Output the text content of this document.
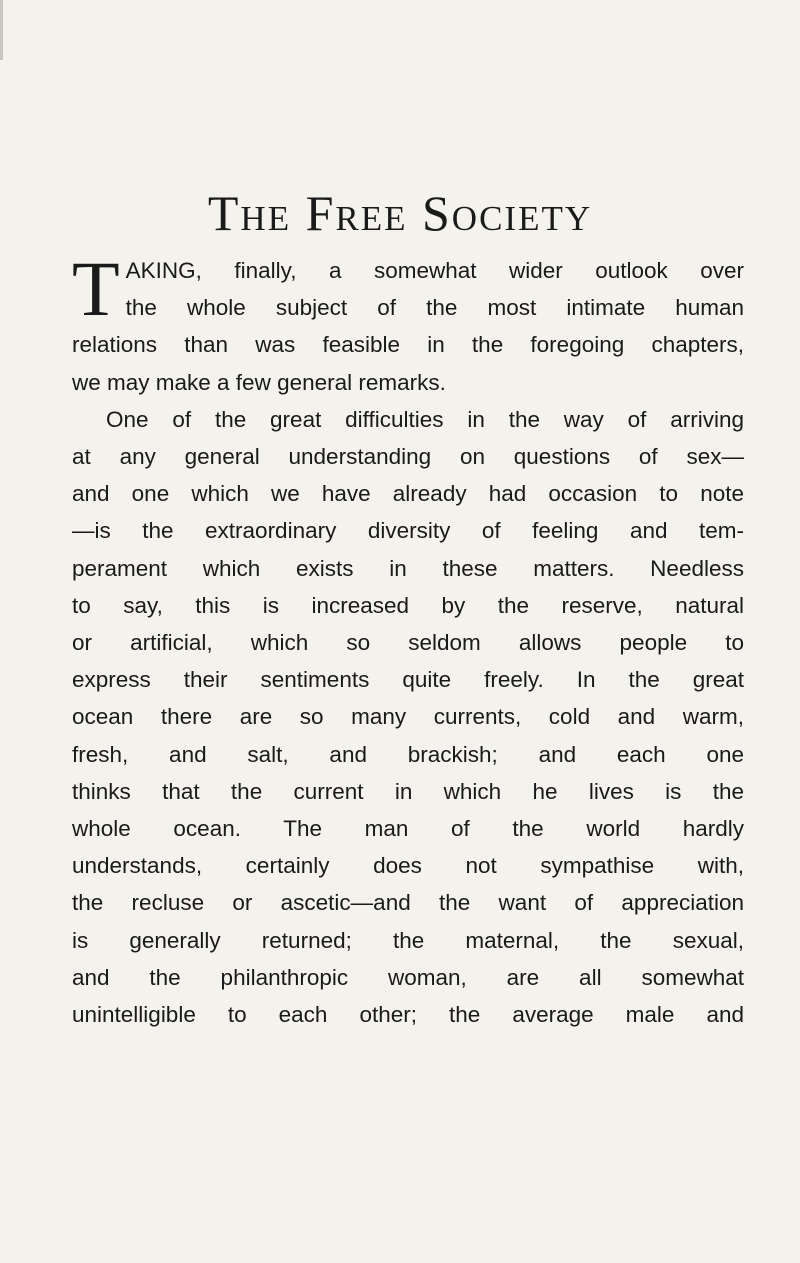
The Free Society
T AKING, finally, a somewhat wider outlook over
the whole subject of the most intimate human
relations than was feasible in the foregoing chapters,
we may make a few general remarks.
One of the great difficulties in the way of arriving
at any general understanding on questions of sex—
and one which we have already had occasion to note
—is the extraordinary diversity of feeling and tem-
perament which exists in these matters. Needless
to say, this is increased by the reserve, natural
or artificial, which so seldom allows people to
express their sentiments quite freely. In the great
ocean there are so many currents, cold and warm,
fresh, and salt, and brackish; and each one
thinks that the current in which he lives is the
whole ocean. The man of the world hardly
understands, certainly does not sympathise with,
the recluse or ascetic—and the want of appreciation
is generally returned; the maternal, the sexual,
and the philanthropic woman, are all somewhat
unintelligible to each other; the average male and
